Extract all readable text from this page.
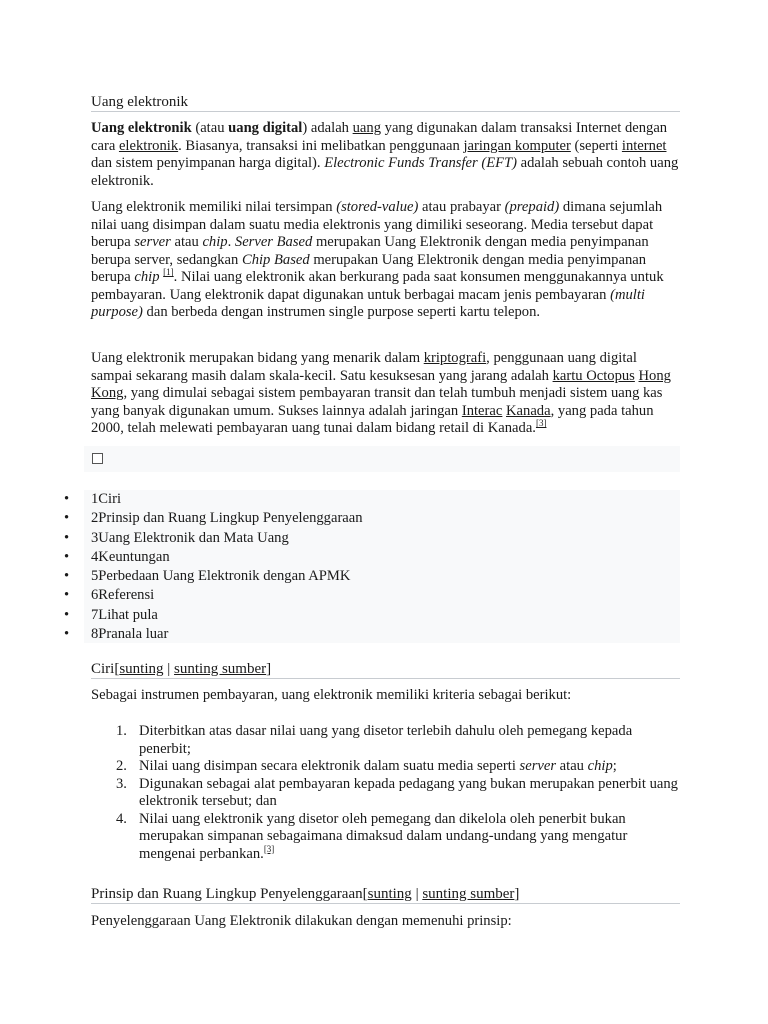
Uang elektronik

Uang elektronik (atau uang digital) adalah uang yang digunakan dalam transaksi Internet dengan cara elektronik. Biasanya, transaksi ini melibatkan penggunaan jaringan komputer (seperti internet dan sistem penyimpanan harga digital). Electronic Funds Transfer (EFT) adalah sebuah contoh uang elektronik.

Uang elektronik memiliki nilai tersimpan (stored-value) atau prabayar (prepaid) dimana sejumlah nilai uang disimpan dalam suatu media elektronis yang dimiliki seseorang. Media tersebut dapat berupa server atau chip. Server Based merupakan Uang Elektronik dengan media penyimpanan berupa server, sedangkan Chip Based merupakan Uang Elektronik dengan media penyimpanan berupa chip [1]. Nilai uang elektronik akan berkurang pada saat konsumen menggunakannya untuk pembayaran. Uang elektronik dapat digunakan untuk berbagai macam jenis pembayaran (multi purpose) dan berbeda dengan instrumen single purpose seperti kartu telepon.

Uang elektronik merupakan bidang yang menarik dalam kriptografi, penggunaan uang digital sampai sekarang masih dalam skala-kecil. Satu kesuksesan yang jarang adalah kartu Octopus Hong Kong, yang dimulai sebagai sistem pembayaran transit dan telah tumbuh menjadi sistem uang kas yang banyak digunakan umum. Sukses lainnya adalah jaringan Interac Kanada, yang pada tahun 2000, telah melewati pembayaran uang tunai dalam bidang retail di Kanada.[3]

• 1Ciri
• 2Prinsip dan Ruang Lingkup Penyelenggaraan
• 3Uang Elektronik dan Mata Uang
• 4Keuntungan
• 5Perbedaan Uang Elektronik dengan APMK
• 6Referensi
• 7Lihat pula
• 8Pranala luar
Ciri[sunting | sunting sumber]

Sebagai instrumen pembayaran, uang elektronik memiliki kriteria sebagai berikut:

1. Diterbitkan atas dasar nilai uang yang disetor terlebih dahulu oleh pemegang kepada penerbit;
2. Nilai uang disimpan secara elektronik dalam suatu media seperti server atau chip;
3. Digunakan sebagai alat pembayaran kepada pedagang yang bukan merupakan penerbit uang elektronik tersebut; dan
4. Nilai uang elektronik yang disetor oleh pemegang dan dikelola oleh penerbit bukan merupakan simpanan sebagaimana dimaksud dalam undang-undang yang mengatur mengenai perbankan.[3]
Prinsip dan Ruang Lingkup Penyelenggaraan[sunting | sunting sumber]

Penyelenggaraan Uang Elektronik dilakukan dengan memenuhi prinsip:
